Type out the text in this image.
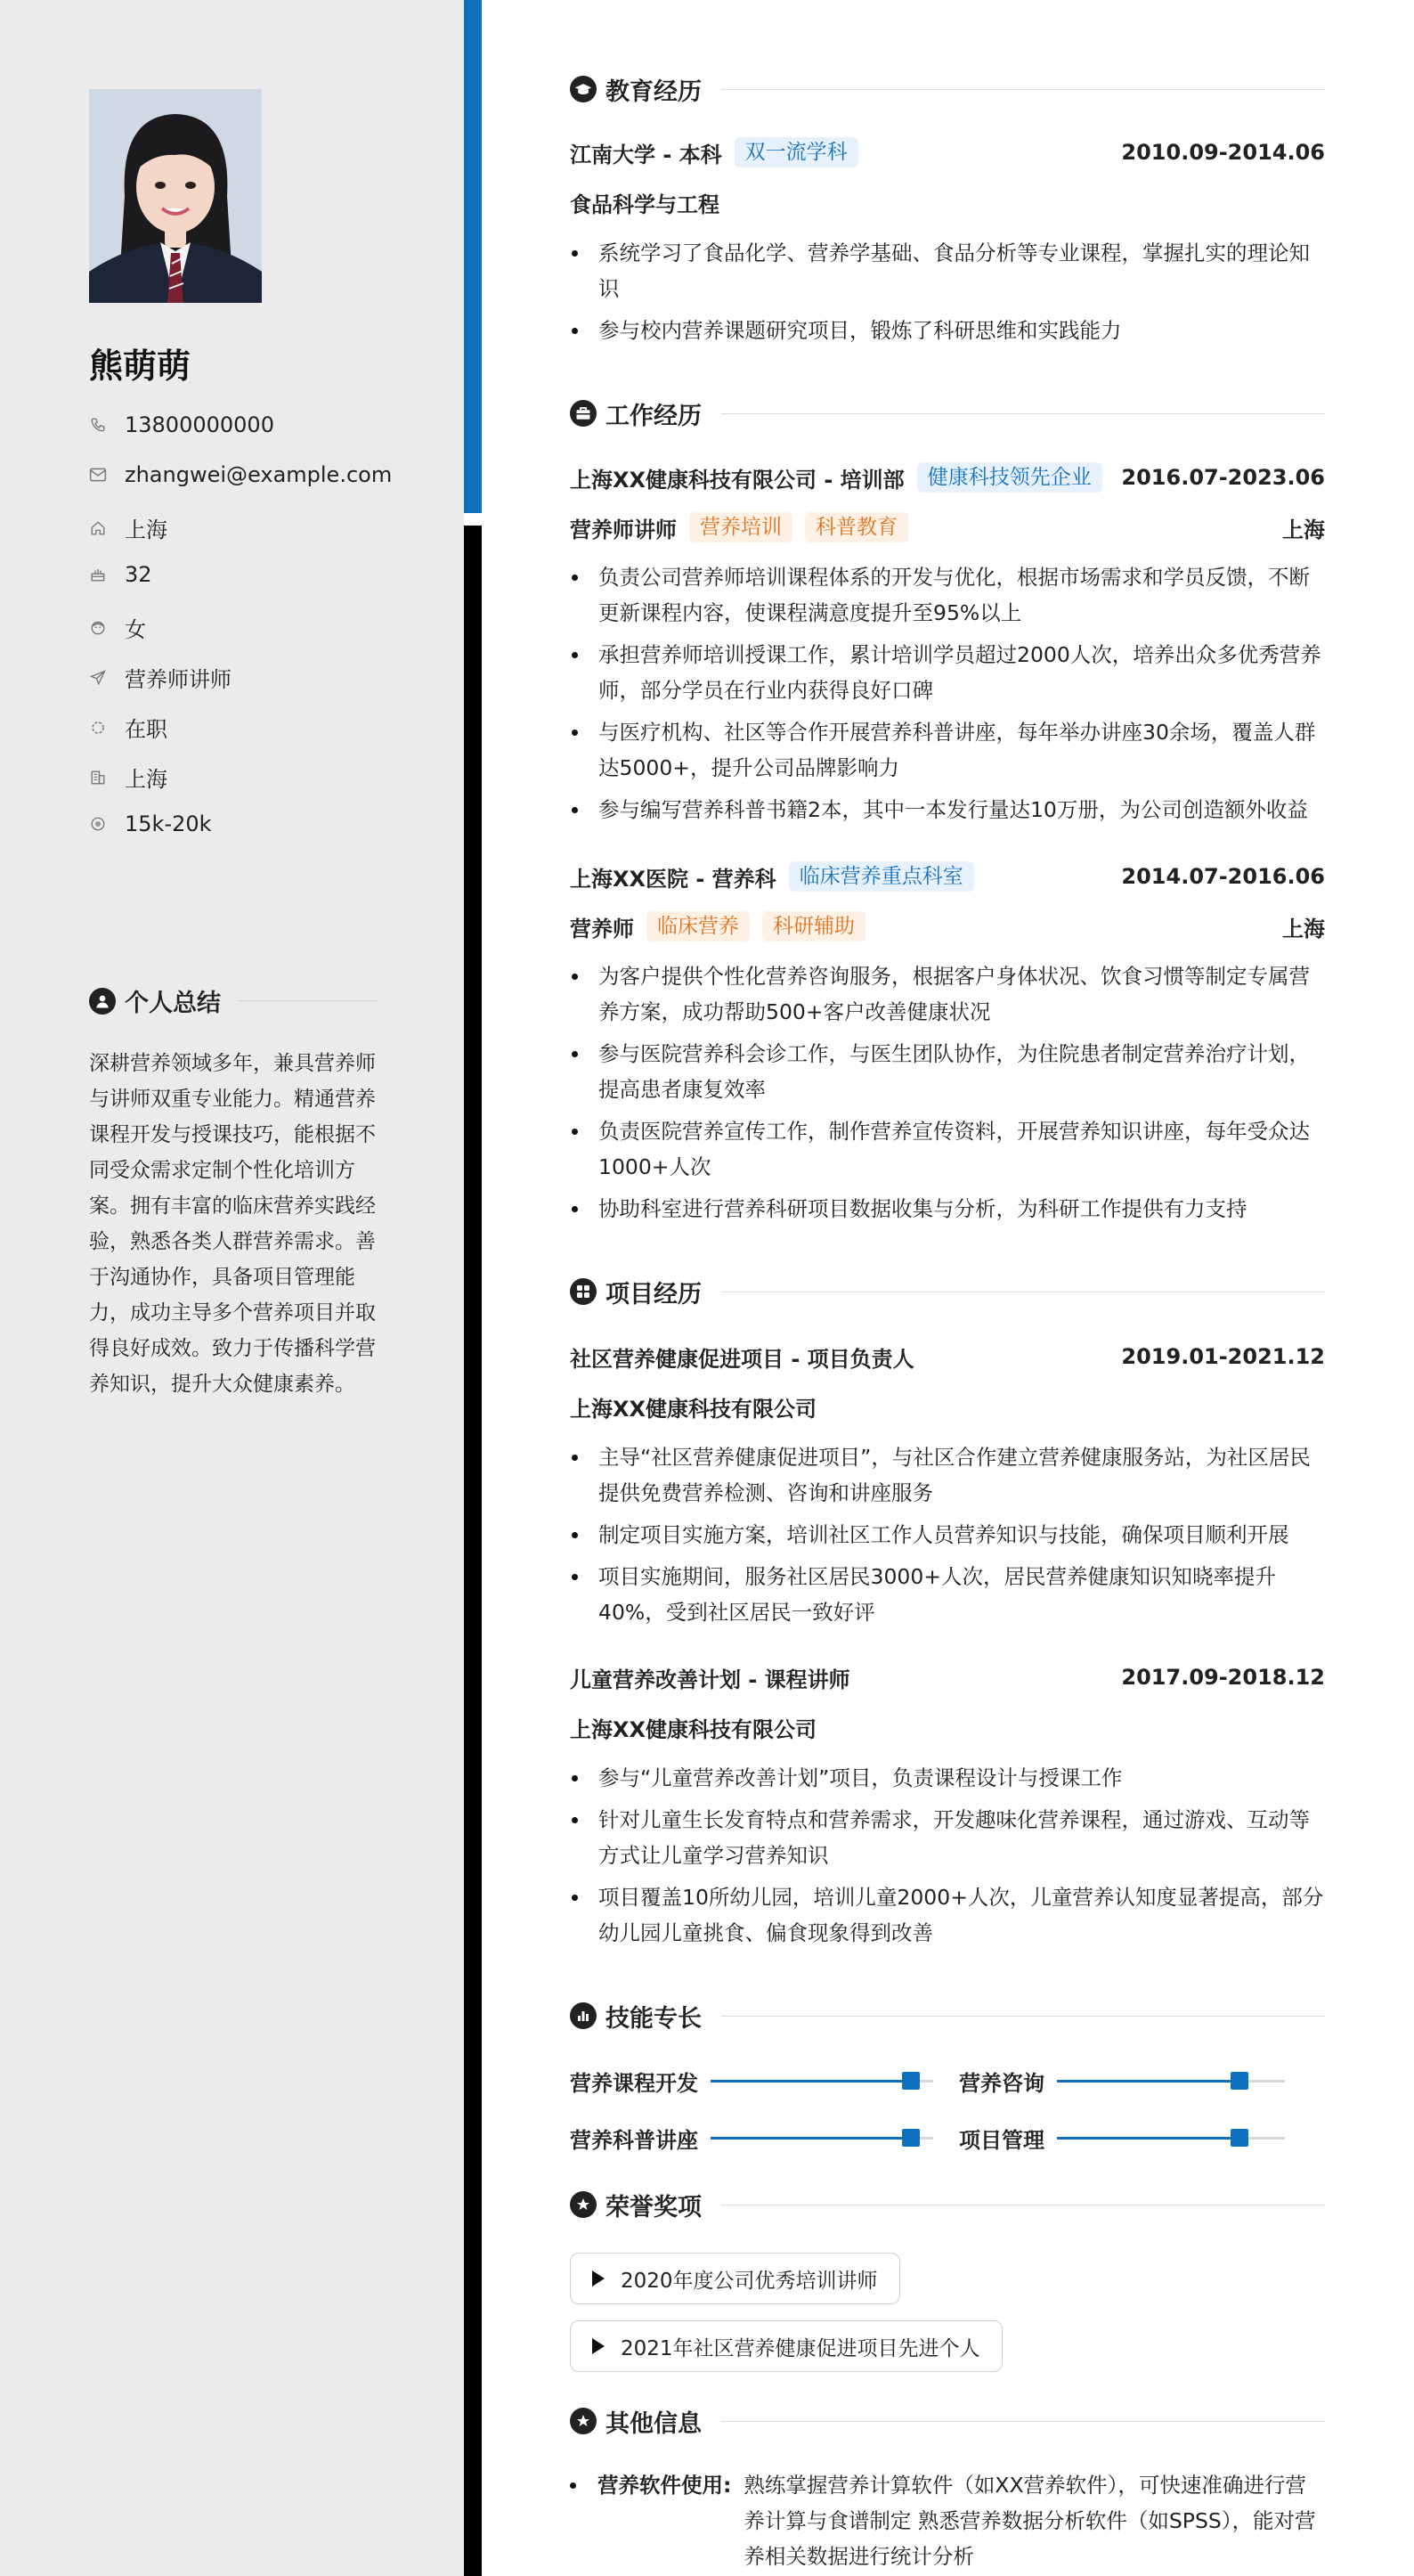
熊萌萌
13800000000
zhangwei@example.com
上海
32
女
营养师讲师
在职
上海
15k-20k
个人总结
深耕营养领域多年，兼具营养师与讲师双重专业能力。精通营养课程开发与授课技巧，能根据不同受众需求定制个性化培训方案。拥有丰富的临床营养实践经验，熟悉各类人群营养需求。善于沟通协作，具备项目管理能力，成功主导多个营养项目并取得良好成效。致力于传播科学营养知识，提升大众健康素养。
教育经历
江南大学 - 本科	双一流学科	2010.09-2014.06
食品科学与工程
系统学习了食品化学、营养学基础、食品分析等专业课程，掌握扎实的理论知识
参与校内营养课题研究项目，锻炼了科研思维和实践能力
工作经历
上海XX健康科技有限公司 - 培训部	健康科技领先企业	2016.07-2023.06
营养师讲师	营养培训	科普教育	上海
负责公司营养师培训课程体系的开发与优化，根据市场需求和学员反馈，不断更新课程内容，使课程满意度提升至95%以上
承担营养师培训授课工作，累计培训学员超过2000人次，培养出众多优秀营养师，部分学员在行业内获得良好口碑
与医疗机构、社区等合作开展营养科普讲座，每年举办讲座30余场，覆盖人群达5000+，提升公司品牌影响力
参与编写营养科普书籍2本，其中一本发行量达10万册，为公司创造额外收益
上海XX医院 - 营养科	临床营养重点科室	2014.07-2016.06
营养师	临床营养	科研辅助	上海
为客户提供个性化营养咨询服务，根据客户身体状况、饮食习惯等制定专属营养方案，成功帮助500+客户改善健康状况
参与医院营养科会诊工作，与医生团队协作，为住院患者制定营养治疗计划，提高患者康复效率
负责医院营养宣传工作，制作营养宣传资料，开展营养知识讲座，每年受众达1000+人次
协助科室进行营养科研项目数据收集与分析，为科研工作提供有力支持
项目经历
社区营养健康促进项目 - 项目负责人	2019.01-2021.12
上海XX健康科技有限公司
主导“社区营养健康促进项目”，与社区合作建立营养健康服务站，为社区居民提供免费营养检测、咨询和讲座服务
制定项目实施方案，培训社区工作人员营养知识与技能，确保项目顺利开展
项目实施期间，服务社区居民3000+人次，居民营养健康知识知晓率提升40%，受到社区居民一致好评
儿童营养改善计划 - 课程讲师	2017.09-2018.12
上海XX健康科技有限公司
参与“儿童营养改善计划”项目，负责课程设计与授课工作
针对儿童生长发育特点和营养需求，开发趣味化营养课程，通过游戏、互动等方式让儿童学习营养知识
项目覆盖10所幼儿园，培训儿童2000+人次，儿童营养认知度显著提高，部分幼儿园儿童挑食、偏食现象得到改善
技能专长
营养课程开发	营养咨询
营养科普讲座	项目管理
荣誉奖项
2020年度公司优秀培训讲师
2021年社区营养健康促进项目先进个人
其他信息
营养软件使用: 熟练掌握营养计算软件（如XX营养软件），可快速准确进行营养计算与食谱制定 熟悉营养数据分析软件（如SPSS），能对营养相关数据进行统计分析
